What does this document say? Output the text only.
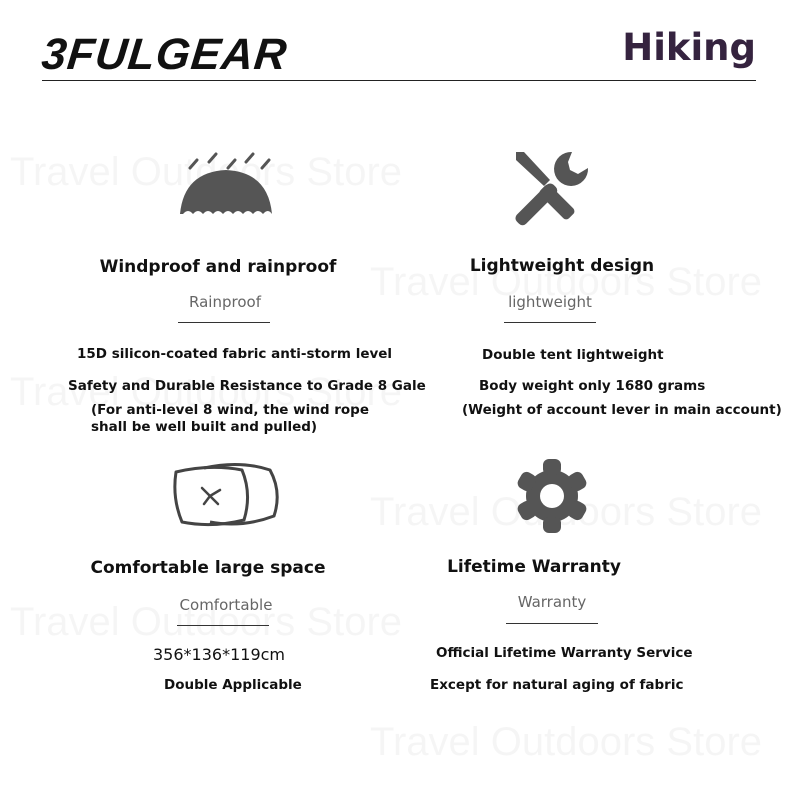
3FULGEAR	Hiking
Windproof and rainproof
Rainproof
15D silicon-coated fabric anti-storm level
Safety and Durable Resistance to Grade 8 Gale
(For anti-level 8 wind, the wind rope
shall be well built and pulled)
Lightweight design
lightweight
Double tent lightweight
Body weight only 1680 grams
(Weight of account lever in main account)
Comfortable large space
Comfortable
356*136*119cm
Double Applicable
Lifetime Warranty
Warranty
Official Lifetime Warranty Service
Except for natural aging of fabric
